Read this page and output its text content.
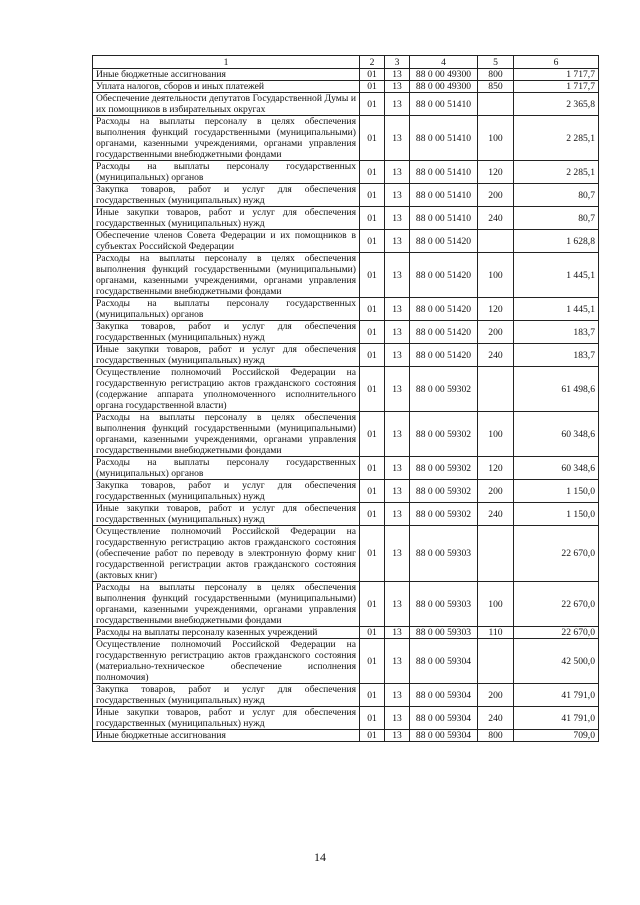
1	2	3	4	5	6
Иные бюджетные ассигнования	01	13	88 0 00 49300	800	1 717,7
Уплата налогов, сборов и иных платежей	01	13	88 0 00 49300	850	1 717,7
Обеспечение деятельности депутатов Государственной Думы и их помощников в избирательных округах	01	13	88 0 00 51410		2 365,8
Расходы на выплаты персоналу в целях обеспечения выполнения функций государственными (муниципальными) органами, казенными учреждениями, органами управления государственными внебюджетными фондами	01	13	88 0 00 51410	100	2 285,1
Расходы на выплаты персоналу государственных (муниципальных) органов	01	13	88 0 00 51410	120	2 285,1
Закупка товаров, работ и услуг для обеспечения государственных (муниципальных) нужд	01	13	88 0 00 51410	200	80,7
Иные закупки товаров, работ и услуг для обеспечения государственных (муниципальных) нужд	01	13	88 0 00 51410	240	80,7
Обеспечение членов Совета Федерации и их помощников в субъектах Российской Федерации	01	13	88 0 00 51420		1 628,8
Расходы на выплаты персоналу в целях обеспечения выполнения функций государственными (муниципальными) органами, казенными учреждениями, органами управления государственными внебюджетными фондами	01	13	88 0 00 51420	100	1 445,1
Расходы на выплаты персоналу государственных (муниципальных) органов	01	13	88 0 00 51420	120	1 445,1
Закупка товаров, работ и услуг для обеспечения государственных (муниципальных) нужд	01	13	88 0 00 51420	200	183,7
Иные закупки товаров, работ и услуг для обеспечения государственных (муниципальных) нужд	01	13	88 0 00 51420	240	183,7
Осуществление полномочий Российской Федерации на государственную регистрацию актов гражданского состояния (содержание аппарата уполномоченного исполнительного органа государственной власти)	01	13	88 0 00 59302		61 498,6
Расходы на выплаты персоналу в целях обеспечения выполнения функций государственными (муниципальными) органами, казенными учреждениями, органами управления государственными внебюджетными фондами	01	13	88 0 00 59302	100	60 348,6
Расходы на выплаты персоналу государственных (муниципальных) органов	01	13	88 0 00 59302	120	60 348,6
Закупка товаров, работ и услуг для обеспечения государственных (муниципальных) нужд	01	13	88 0 00 59302	200	1 150,0
Иные закупки товаров, работ и услуг для обеспечения государственных (муниципальных) нужд	01	13	88 0 00 59302	240	1 150,0
Осуществление полномочий Российской Федерации на государственную регистрацию актов гражданского состояния (обеспечение работ по переводу в электронную форму книг государственной регистрации актов гражданского состояния (актовых книг)	01	13	88 0 00 59303		22 670,0
Расходы на выплаты персоналу в целях обеспечения выполнения функций государственными (муниципальными) органами, казенными учреждениями, органами управления государственными внебюджетными фондами	01	13	88 0 00 59303	100	22 670,0
Расходы на выплаты персоналу казенных учреждений	01	13	88 0 00 59303	110	22 670,0
Осуществление полномочий Российской Федерации на государственную регистрацию актов гражданского состояния (материально-техническое обеспечение исполнения полномочия)	01	13	88 0 00 59304		42 500,0
Закупка товаров, работ и услуг для обеспечения государственных (муниципальных) нужд	01	13	88 0 00 59304	200	41 791,0
Иные закупки товаров, работ и услуг для обеспечения государственных (муниципальных) нужд	01	13	88 0 00 59304	240	41 791,0
Иные бюджетные ассигнования	01	13	88 0 00 59304	800	709,0
14
